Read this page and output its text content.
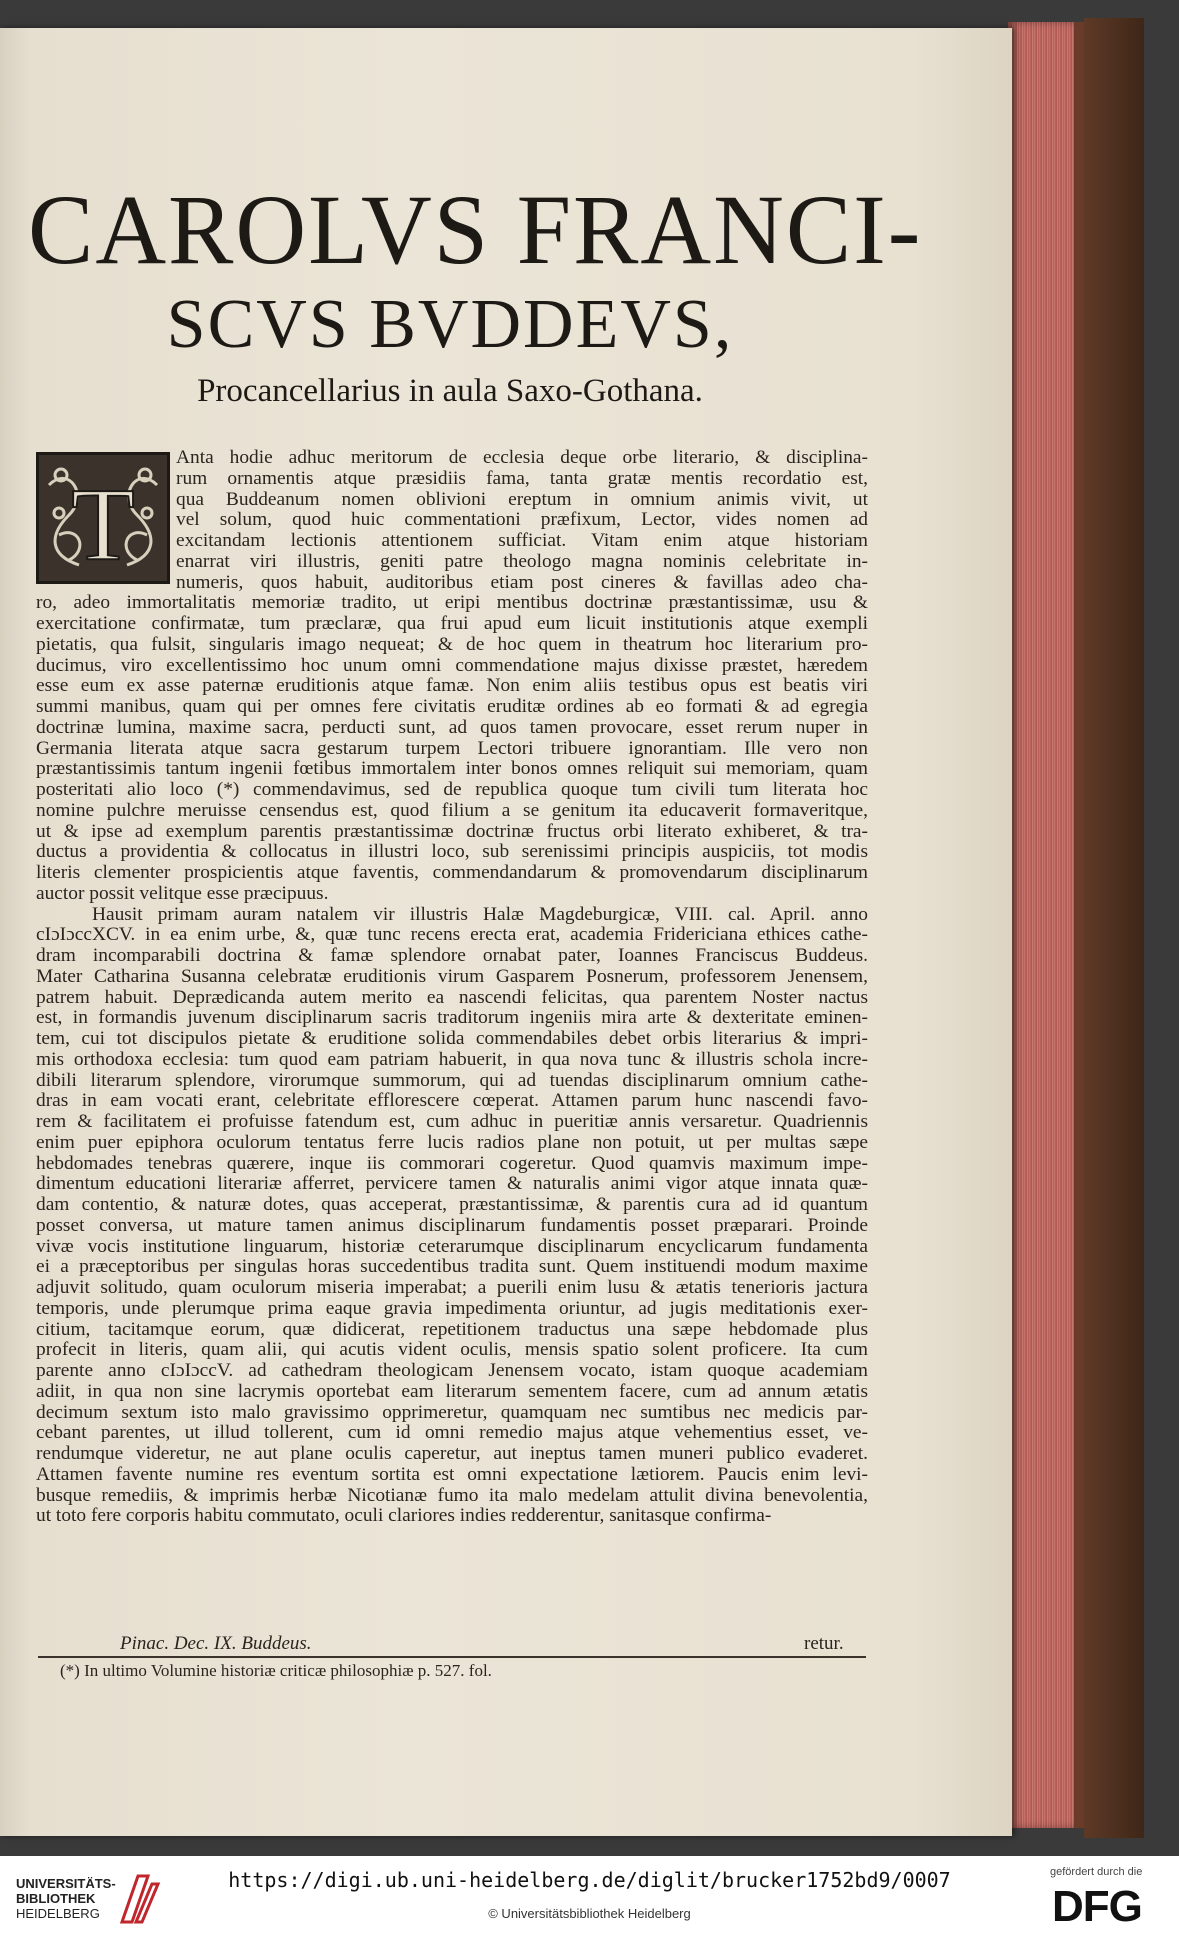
CAROLVS FRANCI-
SCVS BVDDEVS,
Procancellarius in aula Saxo-Gothana.
T
Anta hodie adhuc meritorum de ecclesia deque orbe literario, & disciplina-
rum ornamentis atque præsidiis fama, tanta gratæ mentis recordatio est,
qua Buddeanum nomen oblivioni ereptum in omnium animis vivit, ut
vel solum, quod huic commentationi præfixum, Lector, vides nomen ad
excitandam lectionis attentionem sufficiat. Vitam enim atque historiam
enarrat viri illustris, geniti patre theologo magna nominis celebritate in-
numeris, quos habuit, auditoribus etiam post cineres & favillas adeo cha-
ro, adeo immortalitatis memoriæ tradito, ut eripi mentibus doctrinæ præstantissimæ, usu &
exercitatione confirmatæ, tum præclaræ, qua frui apud eum licuit institutionis atque exempli
pietatis, qua fulsit, singularis imago nequeat; & de hoc quem in theatrum hoc literarium pro-
ducimus, viro excellentissimo hoc unum omni commendatione majus dixisse præstet, hæredem
esse eum ex asse paternæ eruditionis atque famæ. Non enim aliis testibus opus est beatis viri
summi manibus, quam qui per omnes fere civitatis eruditæ ordines ab eo formati & ad egregia
doctrinæ lumina, maxime sacra, perducti sunt, ad quos tamen provocare, esset rerum nuper in
Germania literata atque sacra gestarum turpem Lectori tribuere ignorantiam. Ille vero non
præstantissimis tantum ingenii fœtibus immortalem inter bonos omnes reliquit sui memoriam, quam
posteritati alio loco (*) commendavimus, sed de republica quoque tum civili tum literata hoc
nomine pulchre meruisse censendus est, quod filium a se genitum ita educaverit formaveritque,
ut & ipse ad exemplum parentis præstantissimæ doctrinæ fructus orbi literato exhiberet, & tra-
ductus a providentia & collocatus in illustri loco, sub serenissimi principis auspiciis, tot modis
literis clementer prospicientis atque faventis, commendandarum & promovendarum disciplinarum
auctor possit velitque esse præcipuus.
Hausit primam auram natalem vir illustris Halæ Magdeburgicæ, VIII. cal. April. anno
cIɔIɔccXCV. in ea enim urbe, &, quæ tunc recens erecta erat, academia Fridericiana ethices cathe-
dram incomparabili doctrina & famæ splendore ornabat pater, Ioannes Franciscus Buddeus.
Mater Catharina Susanna celebratæ eruditionis virum Gasparem Posnerum, professorem Jenensem,
patrem habuit. Deprædicanda autem merito ea nascendi felicitas, qua parentem Noster nactus
est, in formandis juvenum disciplinarum sacris traditorum ingeniis mira arte & dexteritate eminen-
tem, cui tot discipulos pietate & eruditione solida commendabiles debet orbis literarius & impri-
mis orthodoxa ecclesia: tum quod eam patriam habuerit, in qua nova tunc & illustris schola incre-
dibili literarum splendore, virorumque summorum, qui ad tuendas disciplinarum omnium cathe-
dras in eam vocati erant, celebritate efflorescere cœperat. Attamen parum hunc nascendi favo-
rem & facilitatem ei profuisse fatendum est, cum adhuc in pueritiæ annis versaretur. Quadriennis
enim puer epiphora oculorum tentatus ferre lucis radios plane non potuit, ut per multas sæpe
hebdomades tenebras quærere, inque iis commorari cogeretur. Quod quamvis maximum impe-
dimentum educationi literariæ afferret, pervicere tamen & naturalis animi vigor atque innata quæ-
dam contentio, & naturæ dotes, quas acceperat, præstantissimæ, & parentis cura ad id quantum
posset conversa, ut mature tamen animus disciplinarum fundamentis posset præparari. Proinde
vivæ vocis institutione linguarum, historiæ ceterarumque disciplinarum encyclicarum fundamenta
ei a præceptoribus per singulas horas succedentibus tradita sunt. Quem instituendi modum maxime
adjuvit solitudo, quam oculorum miseria imperabat; a puerili enim lusu & ætatis tenerioris jactura
temporis, unde plerumque prima eaque gravia impedimenta oriuntur, ad jugis meditationis exer-
citium, tacitamque eorum, quæ didicerat, repetitionem traductus una sæpe hebdomade plus
profecit in literis, quam alii, qui acutis vident oculis, mensis spatio solent proficere. Ita cum
parente anno cIɔIɔccV. ad cathedram theologicam Jenensem vocato, istam quoque academiam
adiit, in qua non sine lacrymis oportebat eam literarum sementem facere, cum ad annum ætatis
decimum sextum isto malo gravissimo opprimeretur, quamquam nec sumtibus nec medicis par-
cebant parentes, ut illud tollerent, cum id omni remedio majus atque vehementius esset, ve-
rendumque videretur, ne aut plane oculis caperetur, aut ineptus tamen muneri publico evaderet.
Attamen favente numine res eventum sortita est omni expectatione lætiorem. Paucis enim levi-
busque remediis, & imprimis herbæ Nicotianæ fumo ita malo medelam attulit divina benevolentia,
ut toto fere corporis habitu commutato, oculi clariores indies redderentur, sanitasque confirma-
Pinac. Dec. IX. Buddeus.	retur.
(*) In ultimo Volumine historiæ criticæ philosophiæ p. 527. fol.
UNIVERSITÄTS-
BIBLIOTHEK
HEIDELBERG
https://digi.ub.uni-heidelberg.de/diglit/brucker1752bd9/0007
© Universitätsbibliothek Heidelberg
gefördert durch die
DFG
